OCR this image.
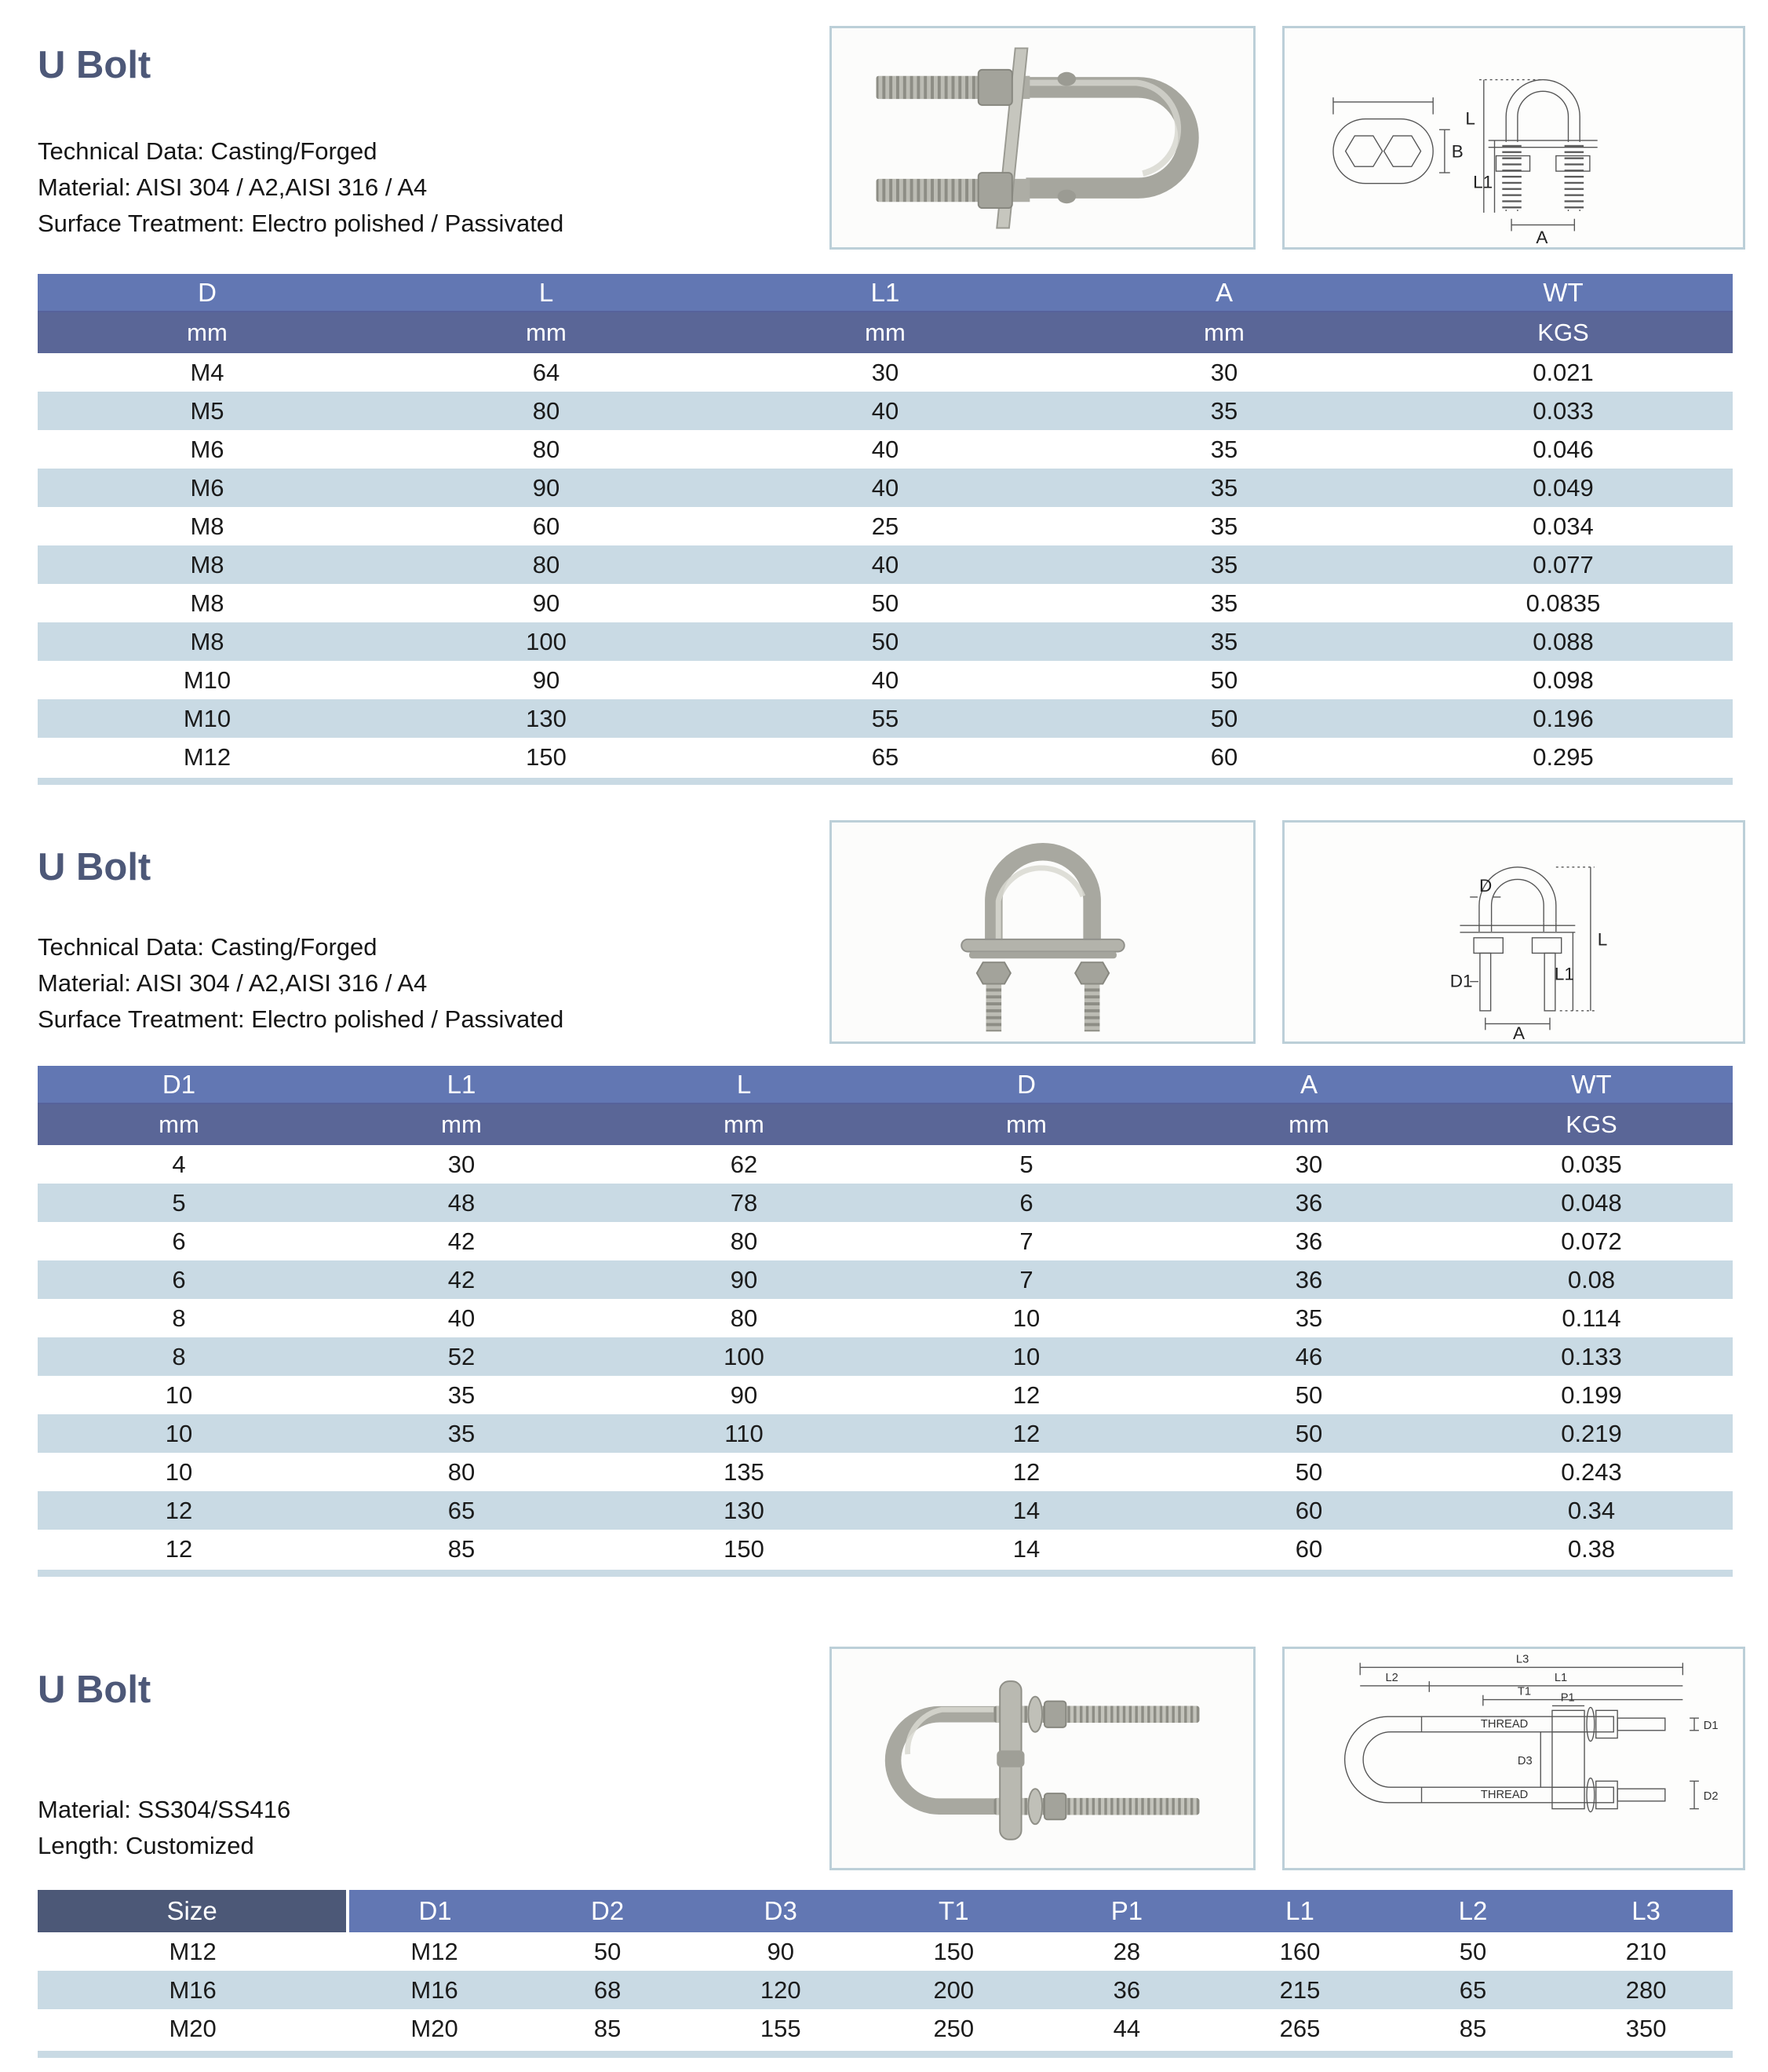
U Bolt
Technical Data: Casting/Forged
Material: AISI 304 / A2,AISI 316 / A4
Surface Treatment: Electro polished / Passivated
B
L
L1
A
D	L	L1	A	WT
mm	mm	mm	mm	KGS
M4	64	30	30	0.021
M5	80	40	35	0.033
M6	80	40	35	0.046
M6	90	40	35	0.049
M8	60	25	35	0.034
M8	80	40	35	0.077
M8	90	50	35	0.0835
M8	100	50	35	0.088
M10	90	40	50	0.098
M10	130	55	50	0.196
M12	150	65	60	0.295
U Bolt
Technical Data: Casting/Forged
Material: AISI 304 / A2,AISI 316 / A4
Surface Treatment: Electro polished / Passivated
D
D1
L
L1
A
D1	L1	L	D	A	WT
mm	mm	mm	mm	mm	KGS
4	30	62	5	30	0.035
5	48	78	6	36	0.048
6	42	80	7	36	0.072
6	42	90	7	36	0.08
8	40	80	10	35	0.114
8	52	100	10	46	0.133
10	35	90	12	50	0.199
10	35	110	12	50	0.219
10	80	135	12	50	0.243
12	65	130	14	60	0.34
12	85	150	14	60	0.38
U Bolt
Material: SS304/SS416
Length: Customized
THREAD
THREAD
L3
L2	L1
T1	P1
D1
D2
D3
Size	D1	D2	D3	T1	P1	L1	L2	L3
M12	M12	50	90	150	28	160	50	210
M16	M16	68	120	200	36	215	65	280
M20	M20	85	155	250	44	265	85	350
